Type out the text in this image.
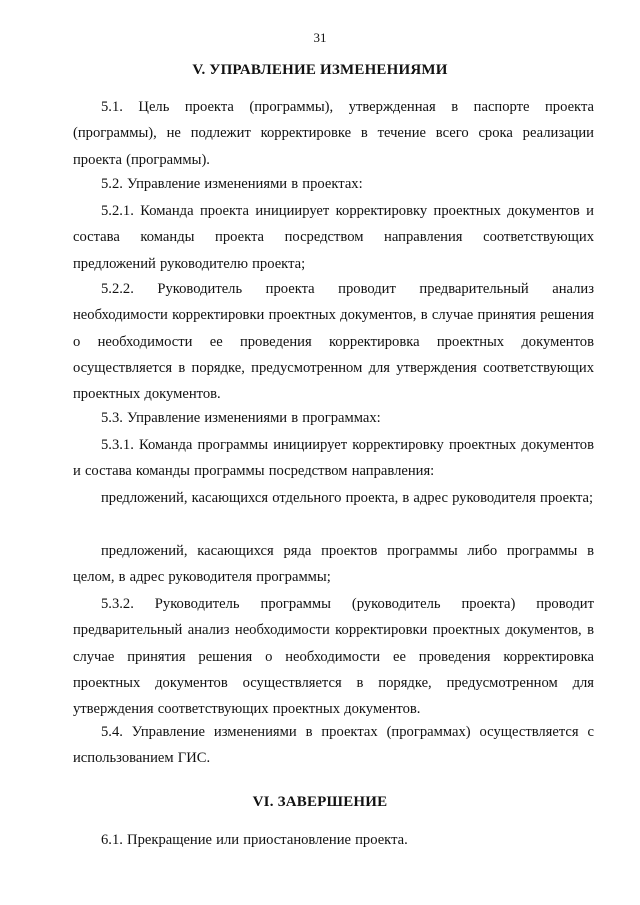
31
V. УПРАВЛЕНИЕ ИЗМЕНЕНИЯМИ

5.1. Цель проекта (программы), утвержденная в паспорте проекта (программы), не подлежит корректировке в течение всего срока реализации проекта (программы).

5.2. Управление изменениями в проектах:

5.2.1. Команда проекта инициирует корректировку проектных документов и состава команды проекта посредством направления соответствующих предложений руководителю проекта;

5.2.2. Руководитель проекта проводит предварительный анализ необходимости корректировки проектных документов, в случае принятия решения о необходимости ее проведения корректировка проектных документов осуществляется в порядке, предусмотренном для утверждения соответствующих проектных документов.

5.3. Управление изменениями в программах:

5.3.1. Команда программы инициирует корректировку проектных документов и состава команды программы посредством направления:

предложений, касающихся отдельного проекта, в адрес руководителя проекта;

предложений, касающихся ряда проектов программы либо программы в целом, в адрес руководителя программы;

5.3.2. Руководитель программы (руководитель проекта) проводит предварительный анализ необходимости корректировки проектных документов, в случае принятия решения о необходимости ее проведения корректировка проектных документов осуществляется в порядке, предусмотренном для утверждения соответствующих проектных документов.

5.4. Управление изменениями в проектах (программах) осуществляется с использованием ГИС.

VI. ЗАВЕРШЕНИЕ

6.1. Прекращение или приостановление проекта.
